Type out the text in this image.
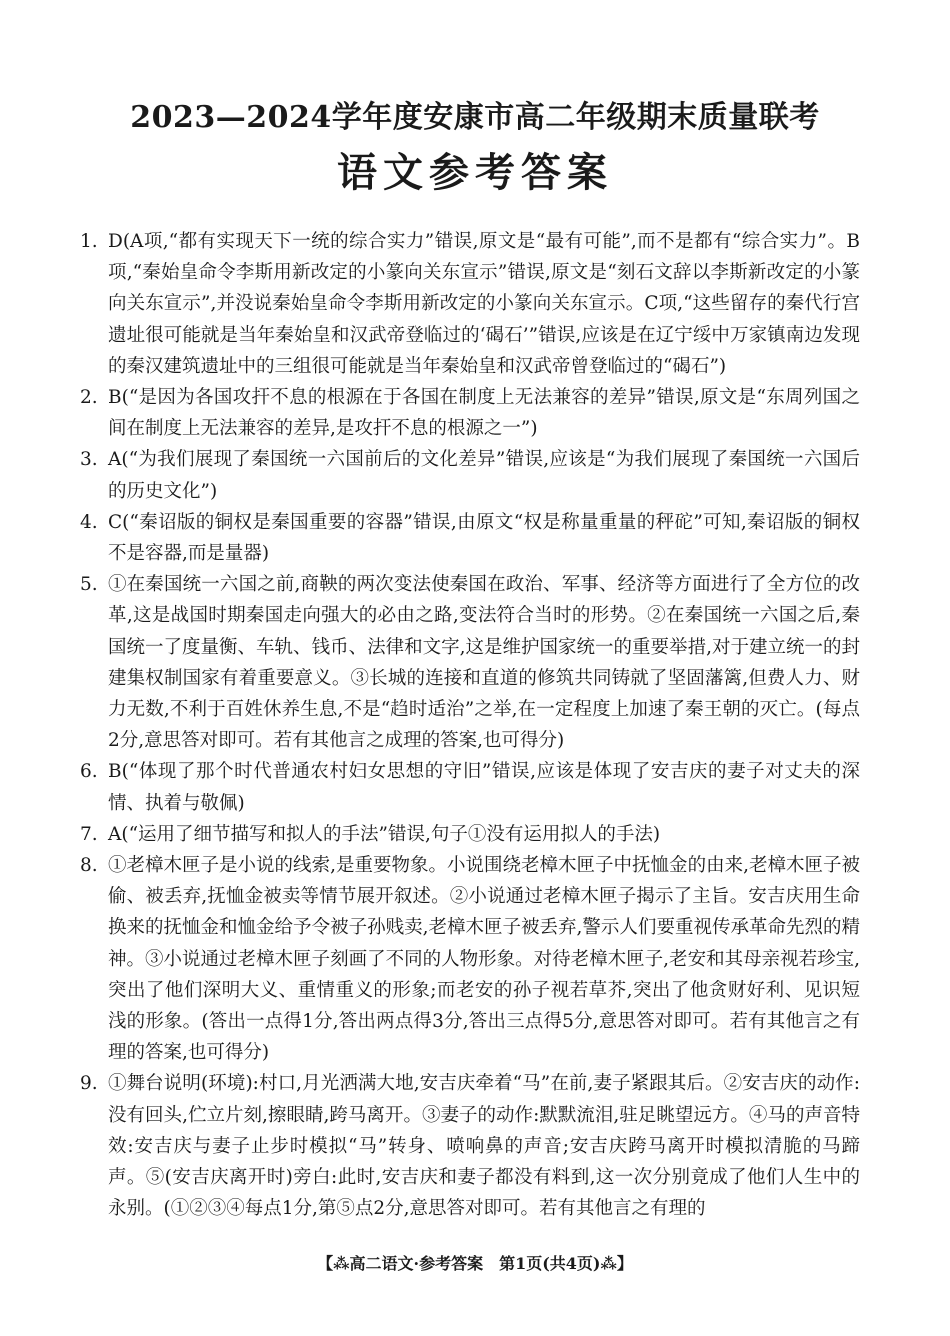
2023—2024学年度安康市高二年级期末质量联考
语文参考答案
1. D(A项,“都有实现天下一统的综合实力”错误,原文是“最有可能”,而不是都有“综合实力”。B项,“秦始皇命令李斯用新改定的小篆向关东宣示”错误,原文是“刻石文辞以李斯新改定的小篆向关东宣示”,并没说秦始皇命令李斯用新改定的小篆向关东宣示。C项,“这些留存的秦代行宫遗址很可能就是当年秦始皇和汉武帝登临过的‘碣石’”错误,应该是在辽宁绥中万家镇南边发现的秦汉建筑遗址中的三组很可能就是当年秦始皇和汉武帝曾登临过的“碣石”)
2. B(“是因为各国攻扞不息的根源在于各国在制度上无法兼容的差异”错误,原文是“东周列国之间在制度上无法兼容的差异,是攻扞不息的根源之一”)
3. A(“为我们展现了秦国统一六国前后的文化差异”错误,应该是“为我们展现了秦国统一六国后的历史文化”)
4. C(“秦诏版的铜权是秦国重要的容器”错误,由原文“权是称量重量的秤砣”可知,秦诏版的铜权不是容器,而是量器)
5. ①在秦国统一六国之前,商鞅的两次变法使秦国在政治、军事、经济等方面进行了全方位的改革,这是战国时期秦国走向强大的必由之路,变法符合当时的形势。②在秦国统一六国之后,秦国统一了度量衡、车轨、钱币、法律和文字,这是维护国家统一的重要举措,对于建立统一的封建集权制国家有着重要意义。③长城的连接和直道的修筑共同铸就了坚固藩篱,但费人力、财力无数,不利于百姓休养生息,不是“趋时适治”之举,在一定程度上加速了秦王朝的灭亡。(每点2分,意思答对即可。若有其他言之成理的答案,也可得分)
6. B(“体现了那个时代普通农村妇女思想的守旧”错误,应该是体现了安吉庆的妻子对丈夫的深情、执着与敬佩)
7. A(“运用了细节描写和拟人的手法”错误,句子①没有运用拟人的手法)
8. ①老樟木匣子是小说的线索,是重要物象。小说围绕老樟木匣子中抚恤金的由来,老樟木匣子被偷、被丢弃,抚恤金被卖等情节展开叙述。②小说通过老樟木匣子揭示了主旨。安吉庆用生命换来的抚恤金和恤金给予令被子孙贱卖,老樟木匣子被丢弃,警示人们要重视传承革命先烈的精神。③小说通过老樟木匣子刻画了不同的人物形象。对待老樟木匣子,老安和其母亲视若珍宝,突出了他们深明大义、重情重义的形象;而老安的孙子视若草芥,突出了他贪财好利、见识短浅的形象。(答出一点得1分,答出两点得3分,答出三点得5分,意思答对即可。若有其他言之有理的答案,也可得分)
9. ①舞台说明(环境):村口,月光洒满大地,安吉庆牵着“马”在前,妻子紧跟其后。②安吉庆的动作:没有回头,伫立片刻,擦眼睛,跨马离开。③妻子的动作:默默流泪,驻足眺望远方。④马的声音特效:安吉庆与妻子止步时模拟“马”转身、喷响鼻的声音;安吉庆跨马离开时模拟清脆的马蹄声。⑤(安吉庆离开时)旁白:此时,安吉庆和妻子都没有料到,这一次分别竟成了他们人生中的永别。(①②③④每点1分,第⑤点2分,意思答对即可。若有其他言之有理的
【⁂高二语文·参考答案　第1页(共4页)⁂】
